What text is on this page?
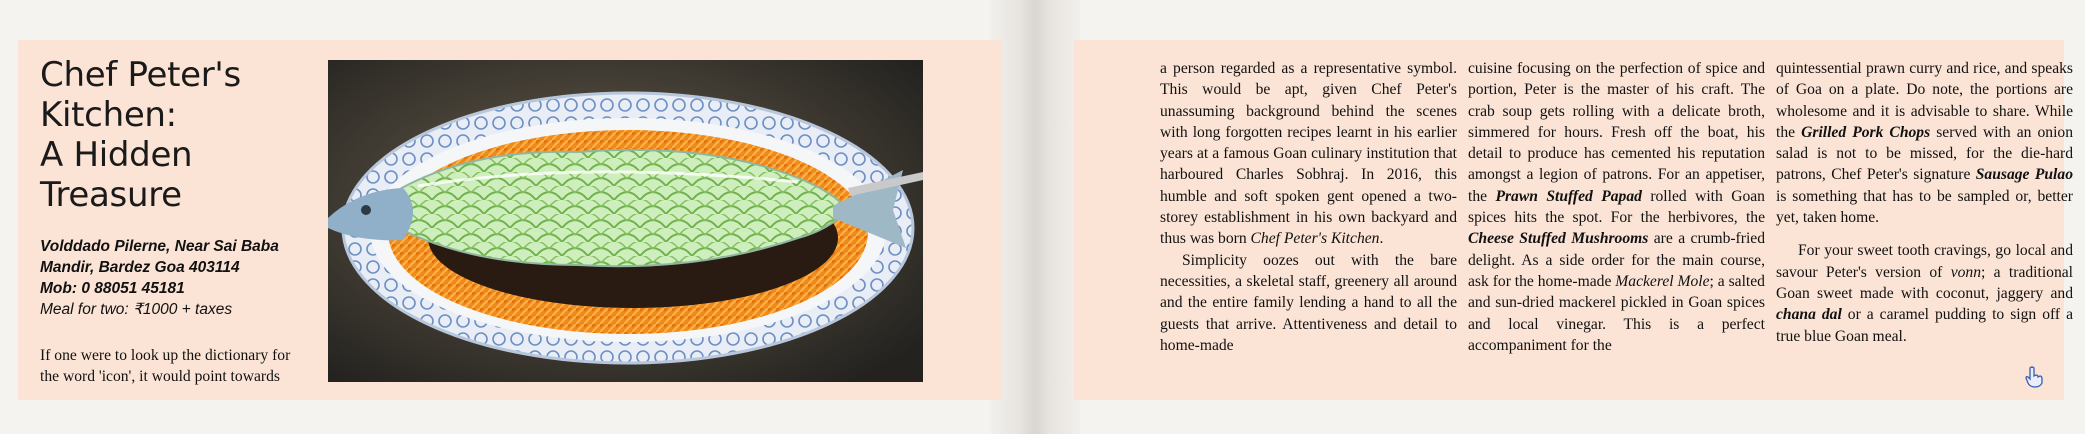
Chef Peter's
Kitchen:
A Hidden
Treasure
Volddado Pilerne, Near Sai Baba
Mandir, Bardez Goa 403114
Mob: 0 88051 45181
Meal for two: ₹1000 + taxes
If one were to look up the dictionary for the word 'icon', it would point towards

a person regarded as a representative symbol. This would be apt, given Chef Peter's unassuming background behind the scenes with long forgotten recipes learnt in his earlier years at a famous Goan culinary institution that harboured Charles Sobhraj. In 2016, this humble and soft spoken gent opened a two-storey establishment in his own backyard and thus was born Chef Peter's Kitchen.

Simplicity oozes out with the bare necessities, a skeletal staff, greenery all around and the entire family lending a hand to all the guests that arrive. Attentiveness and detail to home-made

cuisine focusing on the perfection of spice and portion, Peter is the master of his craft. The crab soup gets rolling with a delicate broth, simmered for hours. Fresh off the boat, his detail to produce has cemented his reputation amongst a legion of patrons. For an appetiser, the Prawn Stuffed Papad rolled with Goan spices hits the spot. For the herbivores, the Cheese Stuffed Mushrooms are a crumb-fried delight. As a side order for the main course, ask for the home-made Mackerel Mole; a salted and sun-dried mackerel pickled in Goan spices and local vinegar. This is a perfect accompaniment for the

quintessential prawn curry and rice, and speaks of Goa on a plate. Do note, the portions are wholesome and it is advisable to share. While the Grilled Pork Chops served with an onion salad is not to be missed, for the die-hard patrons, Chef Peter's signature Sausage Pulao is something that has to be sampled or, better yet, taken home.

For your sweet tooth cravings, go local and savour Peter's version of vonn; a traditional Goan sweet made with coconut, jaggery and chana dal or a caramel pudding to sign off a true blue Goan meal.
